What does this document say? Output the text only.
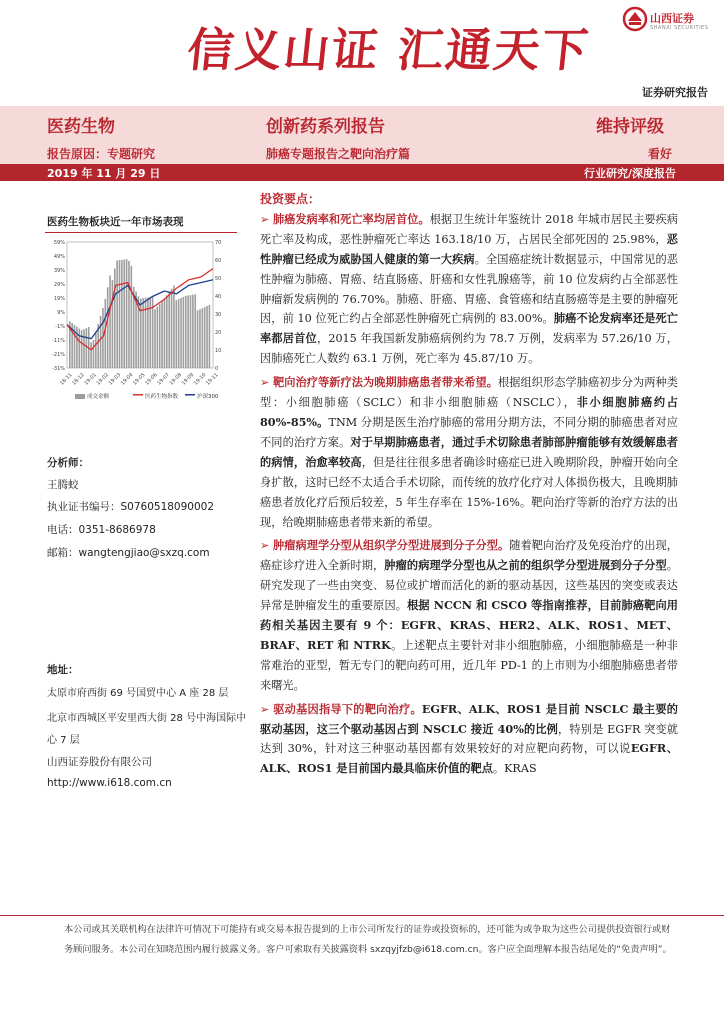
信义山证 汇通天下
山西证券
SHANXI SECURITIES
证券研究报告
医药生物	创新药系列报告	维持评级
报告原因：专题研究	肺癌专题报告之靶向治疗篇	看好
2019 年 11 月 29 日	行业研究/深度报告
医药生物板块近一年市场表现
59%
49%
39%
29%
19%
9%
-1%
-11%
-21%
-31%
70
60
50
40
30
20
10
0
18-11
18-12
19-01
19-02
19-03
19-04
19-05
19-06
19-07
19-08
19-09
19-10
19-11
成交金额	医药生物指数	沪深300
分析师：
王腾蛟
执业证书编号：S0760518090002
电话：0351-8686978
邮箱：wangtengjiao@sxzq.com
地址：
太原市府西街 69 号国贸中心 A 座 28 层
北京市西城区平安里西大街 28 号中海国际中心 7 层
山西证券股份有限公司
http://www.i618.com.cn
投资要点：

➢ 肺癌发病率和死亡率均居首位。根据卫生统计年鉴统计 2018 年城市居民主要疾病死亡率及构成，恶性肿瘤死亡率达 163.18/10 万，占居民全部死因的 25.98%，恶性肿瘤已经成为威胁国人健康的第一大疾病。全国癌症统计数据显示，中国常见的恶性肿瘤为肺癌、胃癌、结直肠癌、肝癌和女性乳腺癌等，前 10 位发病约占全部恶性肿瘤新发病例的 76.70%。肺癌、肝癌、胃癌、食管癌和结直肠癌等是主要的肿瘤死因，前 10 位死亡约占全部恶性肿瘤死亡病例的 83.00%。肺癌不论发病率还是死亡率都居首位，2015 年我国新发肺癌病例约为 78.7 万例，发病率为 57.26/10 万，因肺癌死亡人数约 63.1 万例，死亡率为 45.87/10 万。

➢ 靶向治疗等新疗法为晚期肺癌患者带来希望。根据组织形态学肺癌初步分为两种类型：小细胞肺癌（SCLC）和非小细胞肺癌（NSCLC），非小细胞肺癌约占 80%-85%。TNM 分期是医生治疗肺癌的常用分期方法，不同分期的肺癌患者对应不同的治疗方案。对于早期肺癌患者，通过手术切除患者肺部肿瘤能够有效缓解患者的病情，治愈率较高，但是往往很多患者确诊时癌症已进入晚期阶段，肿瘤开始向全身扩散，这时已经不太适合手术切除，而传统的放疗化疗对人体损伤极大，且晚期肺癌患者放化疗后预后较差，5 年生存率在 15%-16%。靶向治疗等新的治疗方法的出现，给晚期肺癌患者带来新的希望。

➢ 肿瘤病理学分型从组织学分型进展到分子分型。随着靶向治疗及免疫治疗的出现，癌症诊疗进入全新时期，肿瘤的病理学分型也从之前的组织学分型进展到分子分型。研究发现了一些由突变、易位或扩增而活化的新的驱动基因，这些基因的突变或表达异常是肿瘤发生的重要原因。根据 NCCN 和 CSCO 等指南推荐，目前肺癌靶向用药相关基因主要有 9 个：EGFR、KRAS、HER2、ALK、ROS1、MET、BRAF、RET 和 NTRK。上述靶点主要针对非小细胞肺癌，小细胞肺癌是一种非常难治的亚型，暂无专门的靶向药可用，近几年 PD-1 的上市则为小细胞肺癌患者带来曙光。

➢ 驱动基因指导下的靶向治疗。EGFR、ALK、ROS1 是目前 NSCLC 最主要的驱动基因，这三个驱动基因占到 NSCLC 接近 40%的比例，特别是 EGFR 突变就达到 30%，针对这三种驱动基因都有效果较好的对应靶向药物，可以说EGFR、ALK、ROS1 是目前国内最具临床价值的靶点。KRAS

本公司或其关联机构在法律许可情况下可能持有或交易本报告提到的上市公司所发行的证券或投资标的，还可能为或争取为这些公司提供投资银行或财务顾问服务。本公司在知晓范围内履行披露义务。客户可索取有关披露资料 sxzqyjfzb@i618.com.cn。客户应全面理解本报告结尾处的“免责声明”。
